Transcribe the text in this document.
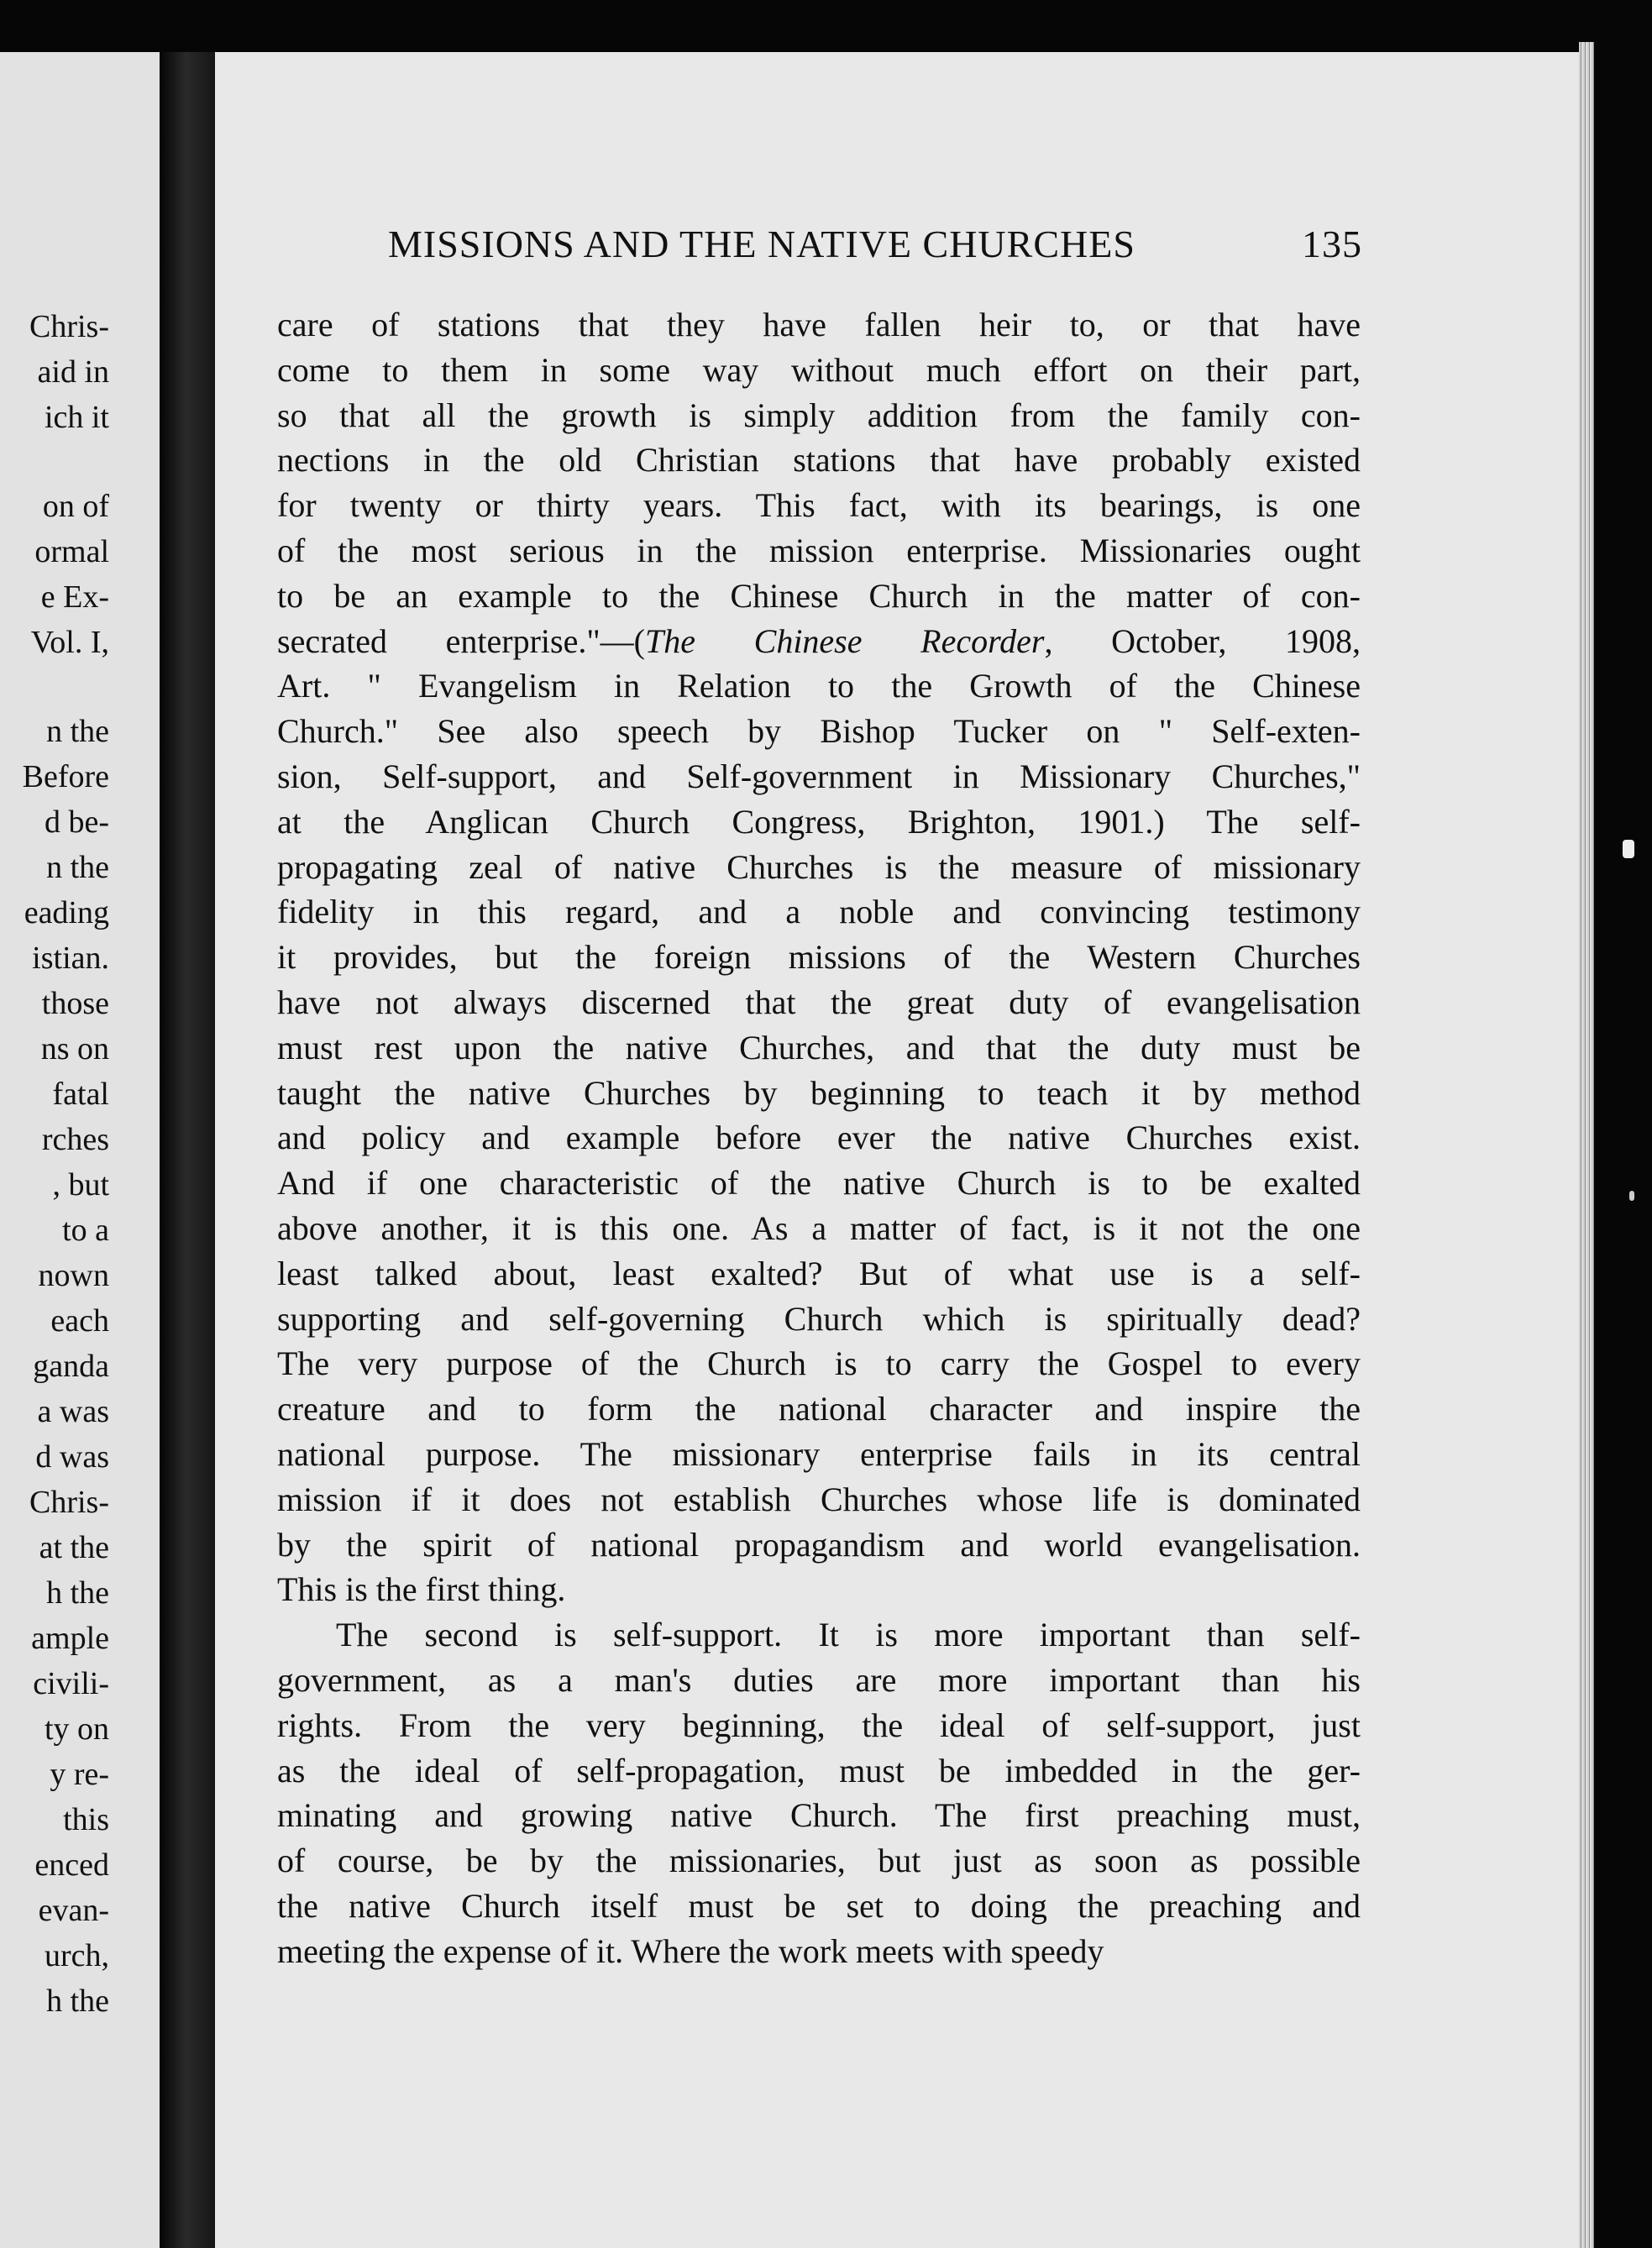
Chris-
aid in
ich it
on of
ormal
e Ex-
Vol. I,
n the
Before
d be-
n the
eading
istian.
those
ns on
fatal
rches
, but
to a
nown
each
ganda
a was
d was
Chris-
at the
h the
ample
civili-
ty on
y re-
this
enced
evan-
urch,
h the
MISSIONS AND THE NATIVE CHURCHES	135
care of stations that they have fallen heir to, or that have
come to them in some way without much effort on their part,
so that all the growth is simply addition from the family con-
nections in the old Christian stations that have probably existed
for twenty or thirty years. This fact, with its bearings, is one
of the most serious in the mission enterprise. Missionaries ought
to be an example to the Chinese Church in the matter of con-
secrated enterprise."—(The Chinese Recorder, October, 1908,
Art. " Evangelism in Relation to the Growth of the Chinese
Church." See also speech by Bishop Tucker on " Self-exten-
sion, Self-support, and Self-government in Missionary Churches,"
at the Anglican Church Congress, Brighton, 1901.) The self-
propagating zeal of native Churches is the measure of missionary
fidelity in this regard, and a noble and convincing testimony
it provides, but the foreign missions of the Western Churches
have not always discerned that the great duty of evangelisation
must rest upon the native Churches, and that the duty must be
taught the native Churches by beginning to teach it by method
and policy and example before ever the native Churches exist.
And if one characteristic of the native Church is to be exalted
above another, it is this one. As a matter of fact, is it not the one
least talked about, least exalted? But of what use is a self-
supporting and self-governing Church which is spiritually dead?
The very purpose of the Church is to carry the Gospel to every
creature and to form the national character and inspire the
national purpose. The missionary enterprise fails in its central
mission if it does not establish Churches whose life is dominated
by the spirit of national propagandism and world evangelisation.
This is the first thing.
The second is self-support. It is more important than self-
government, as a man's duties are more important than his
rights. From the very beginning, the ideal of self-support, just
as the ideal of self-propagation, must be imbedded in the ger-
minating and growing native Church. The first preaching must,
of course, be by the missionaries, but just as soon as possible
the native Church itself must be set to doing the preaching and
meeting the expense of it. Where the work meets with speedy
